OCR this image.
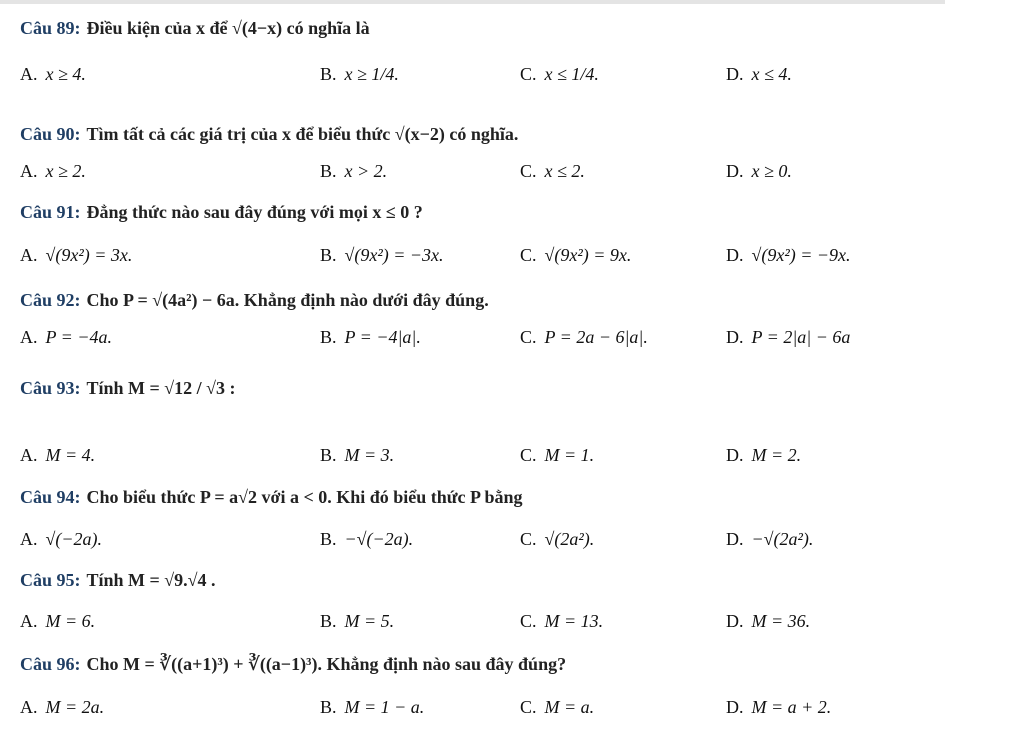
Câu 89: Điều kiện của x để √(4−x) có nghĩa là
A. x ≥ 4.	B. x ≥ 1/4.	C. x ≤ 1/4.	D. x ≤ 4.
Câu 90: Tìm tất cả các giá trị của x để biểu thức √(x−2) có nghĩa.
A. x ≥ 2.	B. x > 2.	C. x ≤ 2.	D. x ≥ 0.
Câu 91: Đẳng thức nào sau đây đúng với mọi x ≤ 0 ?
A. √(9x²) = 3x.	B. √(9x²) = −3x.	C. √(9x²) = 9x.	D. √(9x²) = −9x.
Câu 92: Cho P = √(4a²) − 6a. Khẳng định nào dưới đây đúng.
A. P = −4a.	B. P = −4|a|.	C. P = 2a − 6|a|.	D. P = 2|a| − 6a
Câu 93: Tính M = √12 / √3 :
A. M = 4.	B. M = 3.	C. M = 1.	D. M = 2.
Câu 94: Cho biểu thức P = a√2 với a < 0. Khi đó biểu thức P bằng
A. √(−2a).	B. −√(−2a).	C. √(2a²).	D. −√(2a²).
Câu 95: Tính M = √9.√4 .
A. M = 6.	B. M = 5.	C. M = 13.	D. M = 36.
Câu 96: Cho M = ∛((a+1)³) + ∛((a−1)³). Khẳng định nào sau đây đúng?
A. M = 2a.	B. M = 1 − a.	C. M = a.	D. M = a + 2.
